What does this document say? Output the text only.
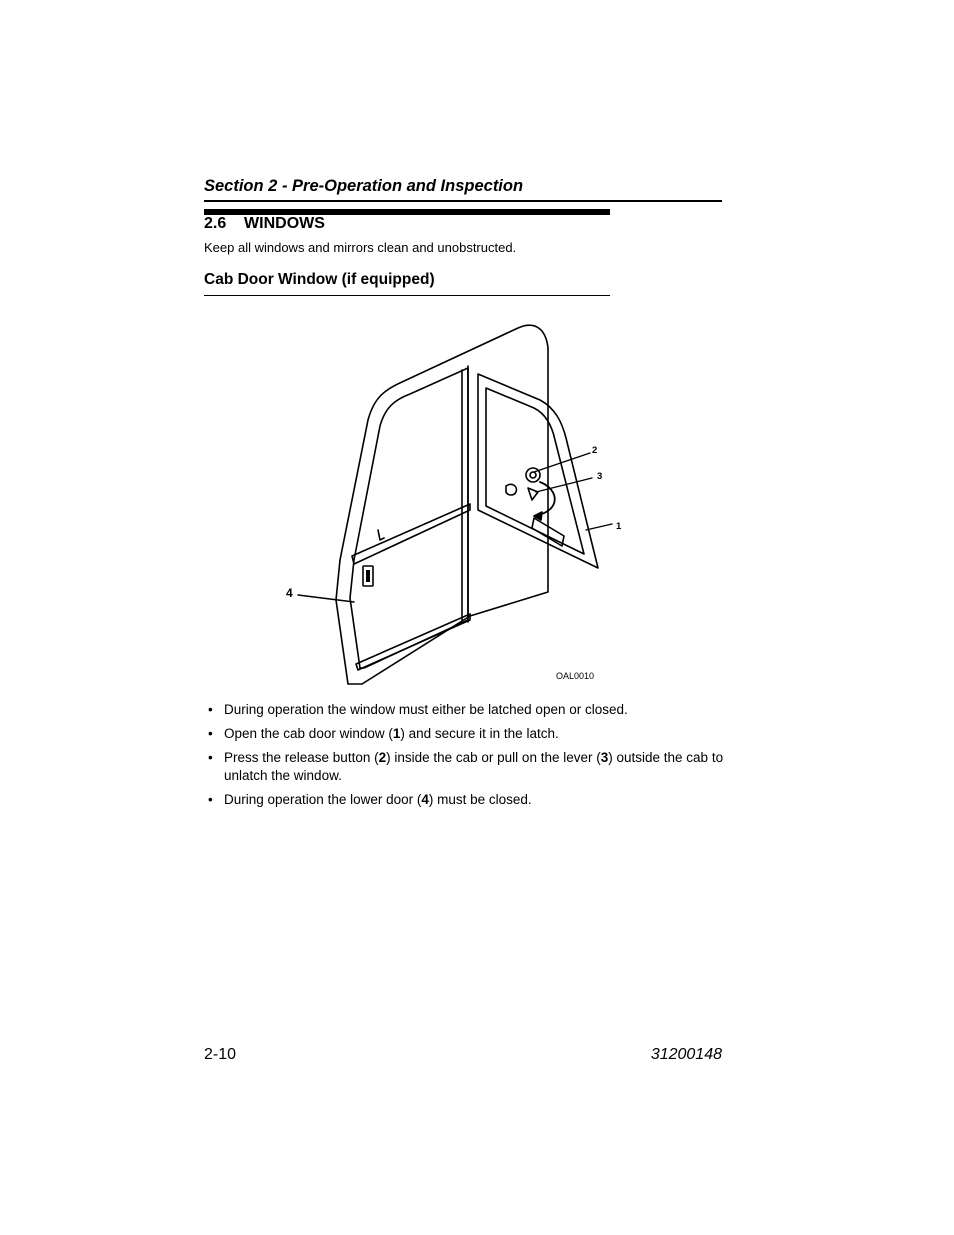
Section 2 - Pre-Operation and Inspection
2.6 WINDOWS
Keep all windows and mirrors clean and unobstructed.
Cab Door Window (if equipped)
1
2
3
4
OAL0010
• During operation the window must either be latched open or closed.
• Open the cab door window (1) and secure it in the latch.
• Press the release button (2) inside the cab or pull on the lever (3) outside the cab to unlatch the window.
• During operation the lower door (4) must be closed.
2-10	31200148
